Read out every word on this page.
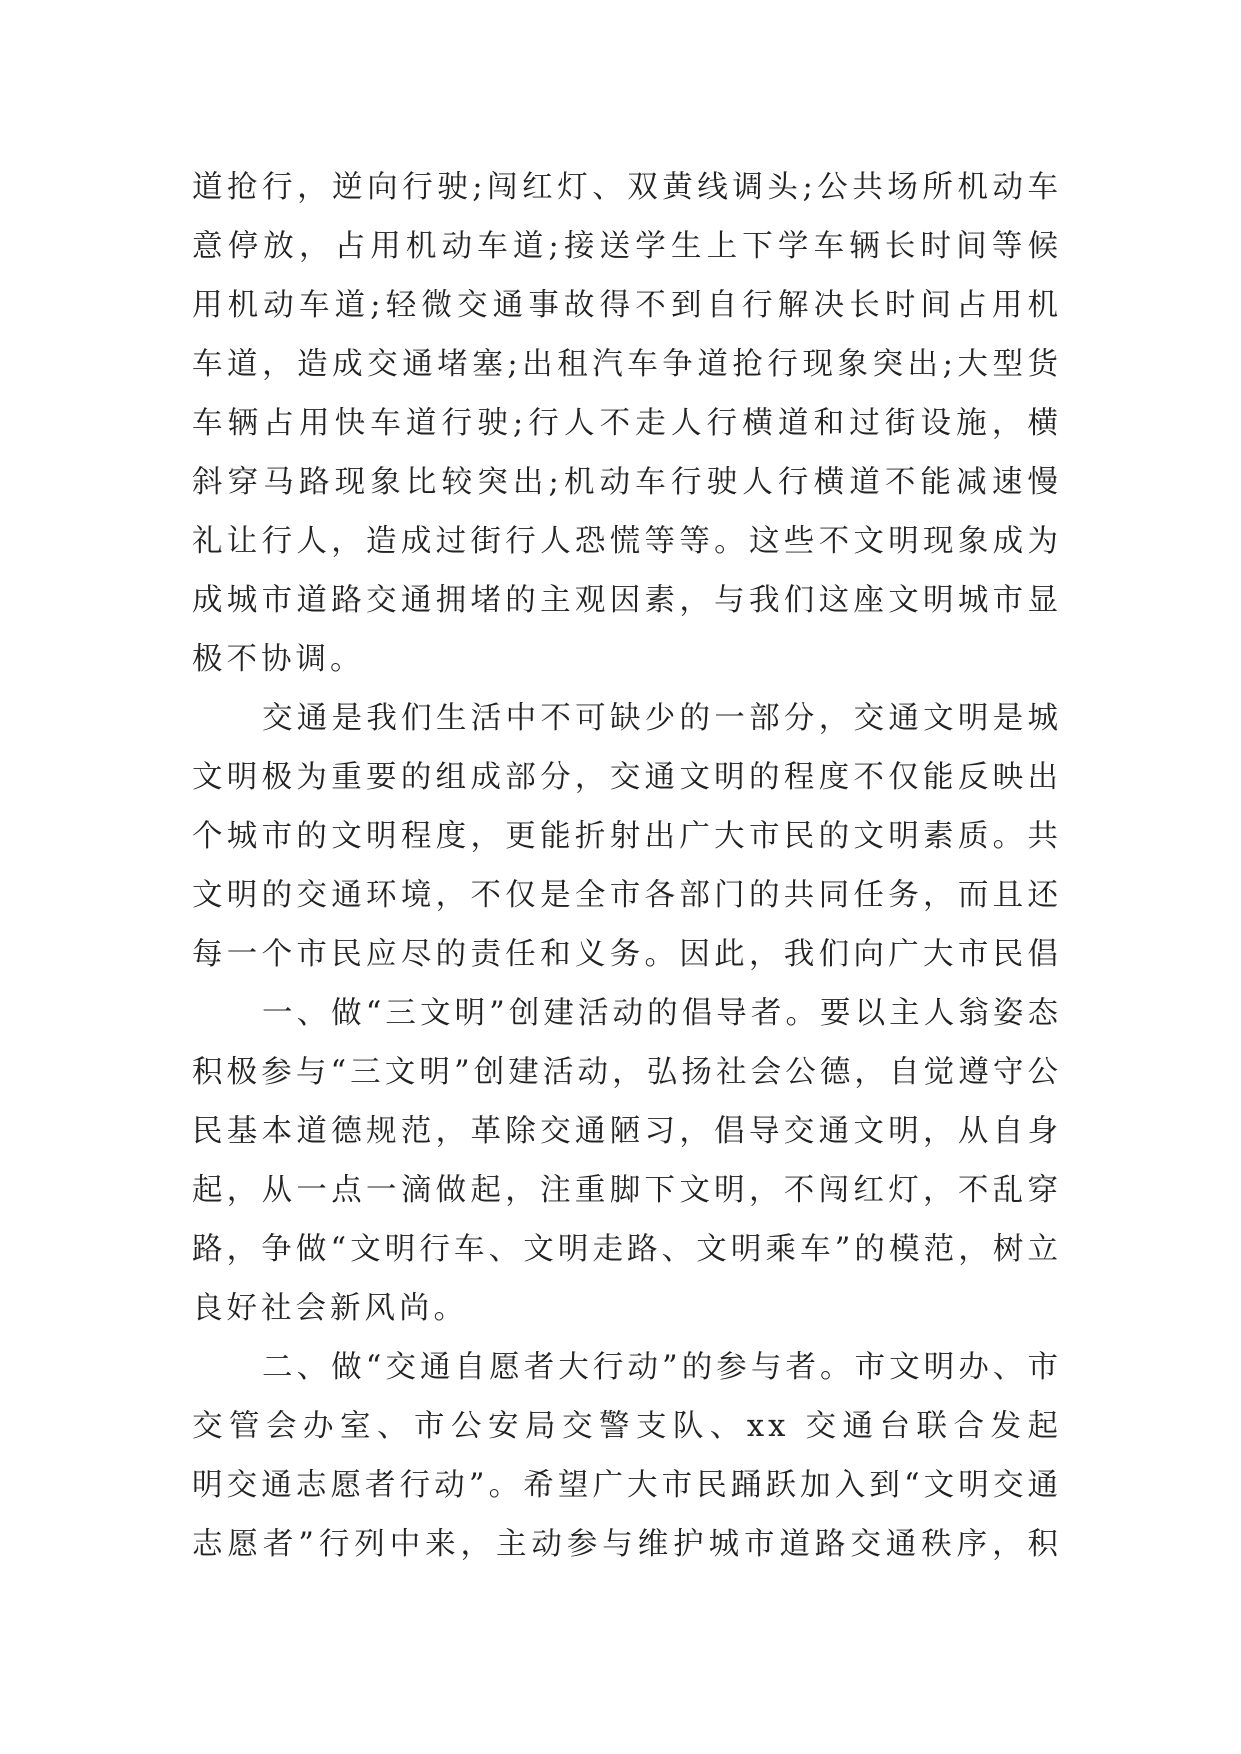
道抢行，逆向行驶;闯红灯、双黄线调头;公共场所机动车
意停放，占用机动车道;接送学生上下学车辆长时间等候
用机动车道;轻微交通事故得不到自行解决长时间占用机
车道，造成交通堵塞;出租汽车争道抢行现象突出;大型货
车辆占用快车道行驶;行人不走人行横道和过街设施，横
斜穿马路现象比较突出;机动车行驶人行横道不能减速慢
礼让行人，造成过街行人恐慌等等。这些不文明现象成为
成城市道路交通拥堵的主观因素，与我们这座文明城市显
极不协调。
交通是我们生活中不可缺少的一部分，交通文明是城
文明极为重要的组成部分，交通文明的程度不仅能反映出
个城市的文明程度，更能折射出广大市民的文明素质。共
文明的交通环境，不仅是全市各部门的共同任务，而且还
每一个市民应尽的责任和义务。因此，我们向广大市民倡
一、做“三文明”创建活动的倡导者。要以主人翁姿态
积极参与“三文明”创建活动，弘扬社会公德，自觉遵守公
民基本道德规范，革除交通陋习，倡导交通文明，从自身
起，从一点一滴做起，注重脚下文明，不闯红灯，不乱穿
路，争做“文明行车、文明走路、文明乘车”的模范，树立
良好社会新风尚。
二、做“交通自愿者大行动”的参与者。市文明办、市
交管会办室、市公安局交警支队、xx 交通台联合发起
明交通志愿者行动”。希望广大市民踊跃加入到“文明交通
志愿者”行列中来，主动参与维护城市道路交通秩序，积
